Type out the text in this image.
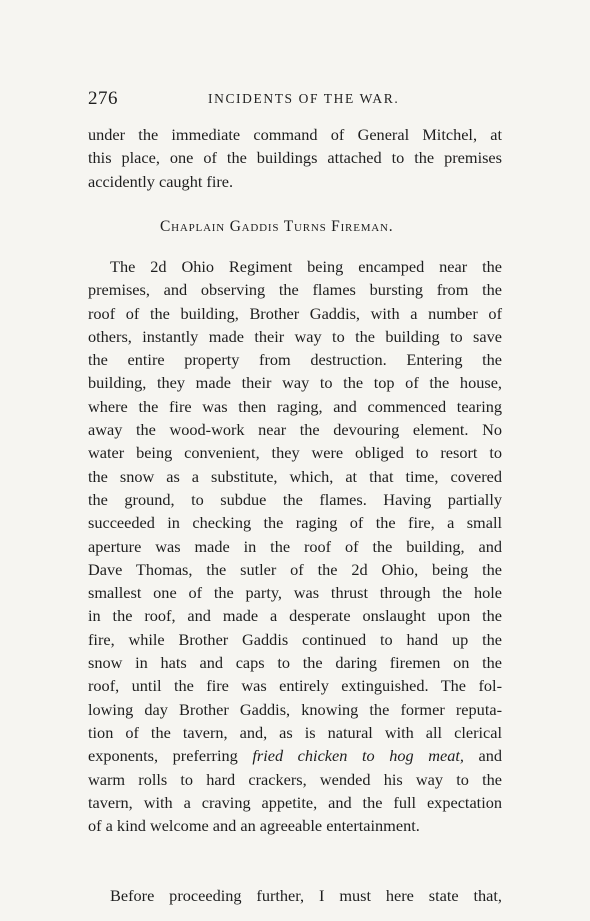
276	INCIDENTS OF THE WAR.
under the immediate command of General Mitchel, at
this place, one of the buildings attached to the premises
accidently caught fire.
Chaplain Gaddis Turns Fireman.
The 2d Ohio Regiment being encamped near the
premises, and observing the flames bursting from the
roof of the building, Brother Gaddis, with a number of
others, instantly made their way to the building to save
the entire property from destruction. Entering the
building, they made their way to the top of the house,
where the fire was then raging, and commenced tearing
away the wood-work near the devouring element. No
water being convenient, they were obliged to resort to
the snow as a substitute, which, at that time, covered
the ground, to subdue the flames. Having partially
succeeded in checking the raging of the fire, a small
aperture was made in the roof of the building, and
Dave Thomas, the sutler of the 2d Ohio, being the
smallest one of the party, was thrust through the hole
in the roof, and made a desperate onslaught upon the
fire, while Brother Gaddis continued to hand up the
snow in hats and caps to the daring firemen on the
roof, until the fire was entirely extinguished. The fol-
lowing day Brother Gaddis, knowing the former reputa-
tion of the tavern, and, as is natural with all clerical
exponents, preferring fried chicken to hog meat, and
warm rolls to hard crackers, wended his way to the
tavern, with a craving appetite, and the full expectation
of a kind welcome and an agreeable entertainment.
Before proceeding further, I must here state that,
